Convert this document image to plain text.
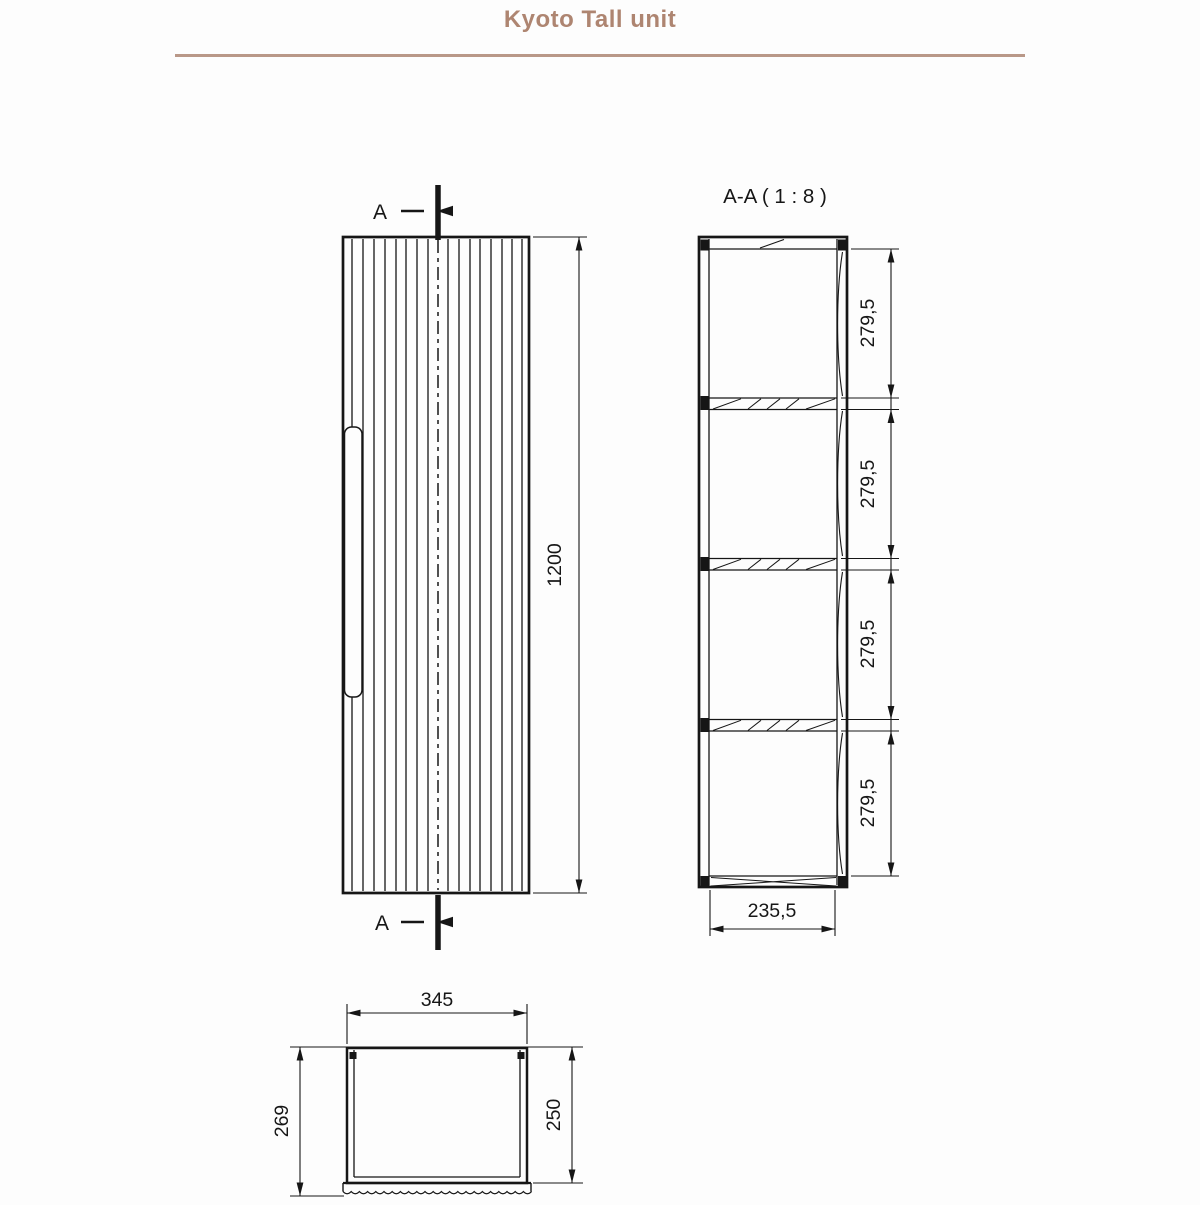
Kyoto Tall unit
A
A
1200
A-A ( 1 : 8 )
279,5
279,5
279,5
279,5
235,5
345
269	250
